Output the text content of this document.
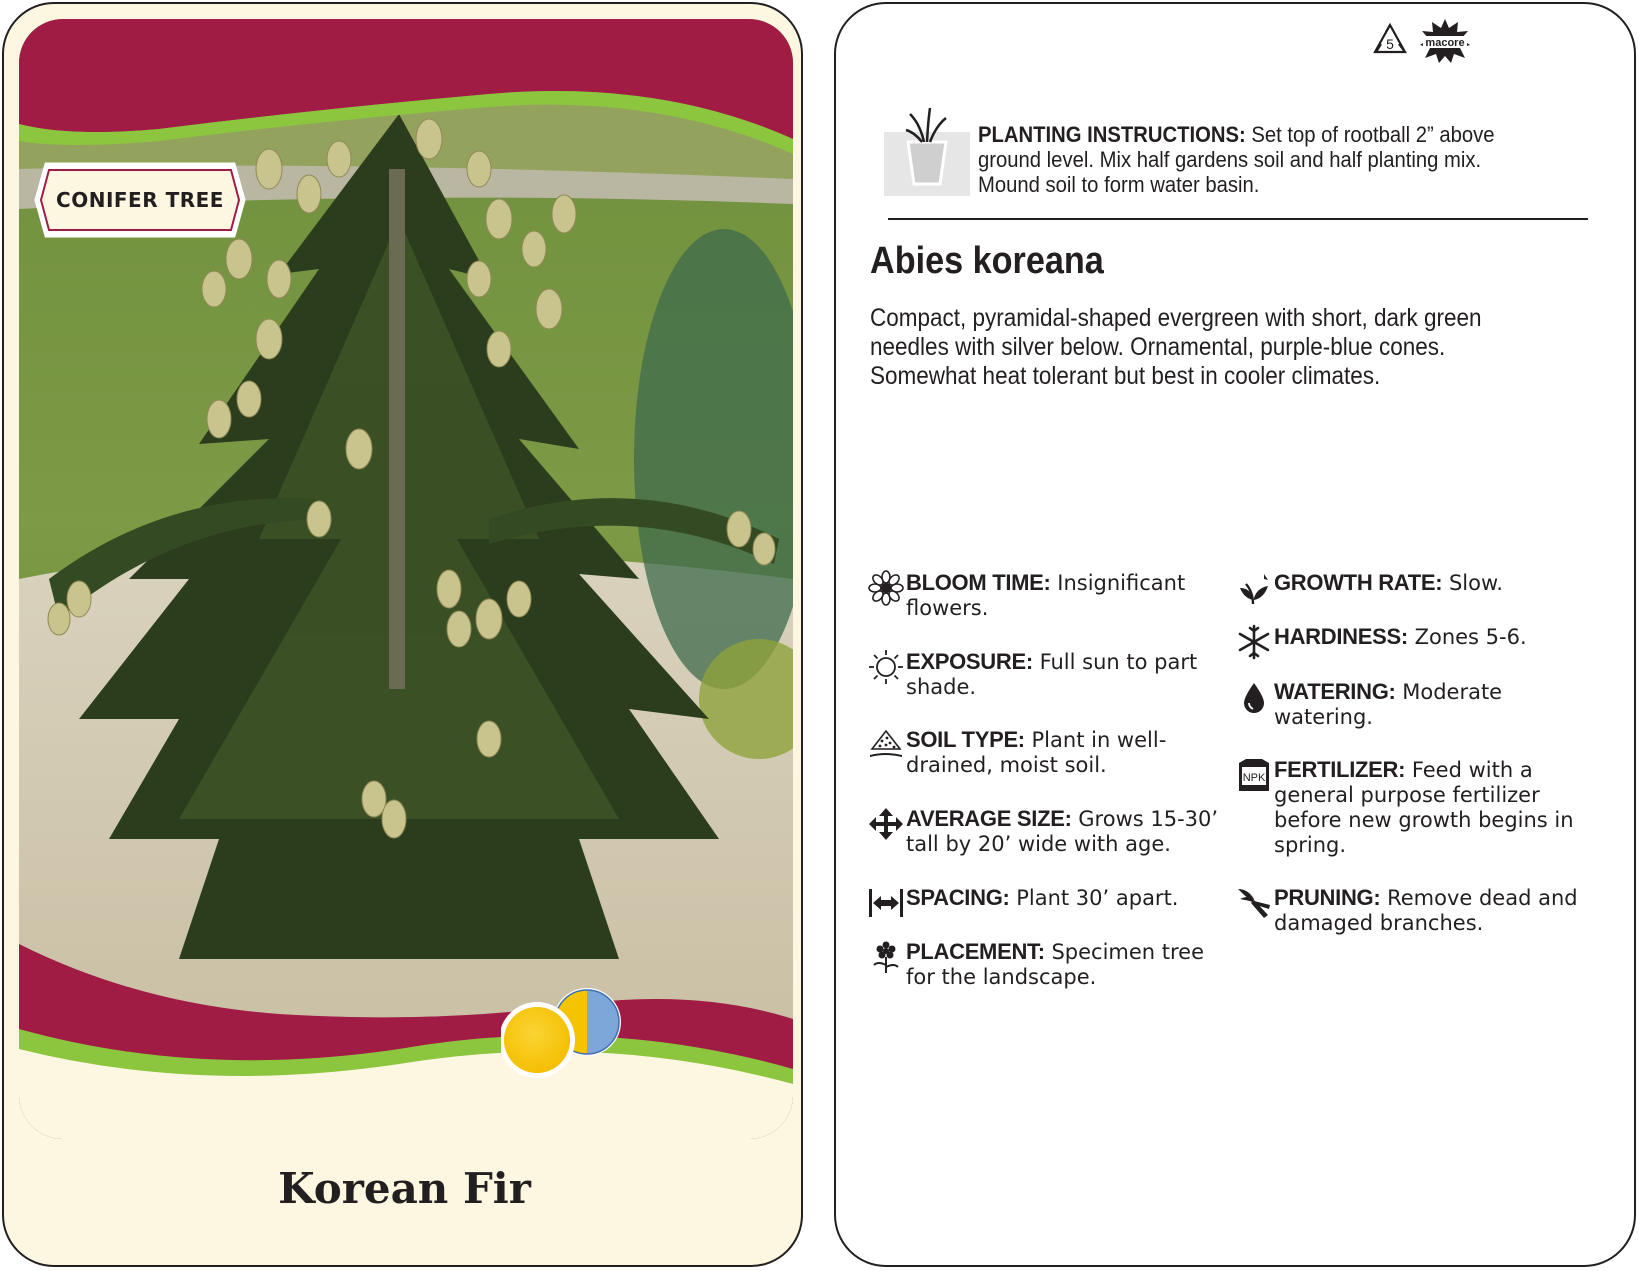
CONIFER TREE
Korean Fir
5	macore
PLANTING INSTRUCTIONS: Set top of rootball 2” above ground level. Mix half gardens soil and half planting mix. Mound soil to form water basin.
Abies koreana
Compact, pyramidal-shaped evergreen with short, dark green needles with silver below. Ornamental, purple-blue cones. Somewhat heat tolerant but best in cooler climates.
BLOOM TIME: Insignificant flowers.
EXPOSURE: Full sun to part shade.
SOIL TYPE: Plant in well-drained, moist soil.
AVERAGE SIZE: Grows 15-30’ tall by 20’ wide with age.
SPACING: Plant 30’ apart.
PLACEMENT: Specimen tree for the landscape.
GROWTH RATE: Slow.
HARDINESS: Zones 5-6.
WATERING: Moderate watering.
NPK FERTILIZER: Feed with a general purpose fertilizer before new growth begins in spring.
PRUNING: Remove dead and damaged branches.
